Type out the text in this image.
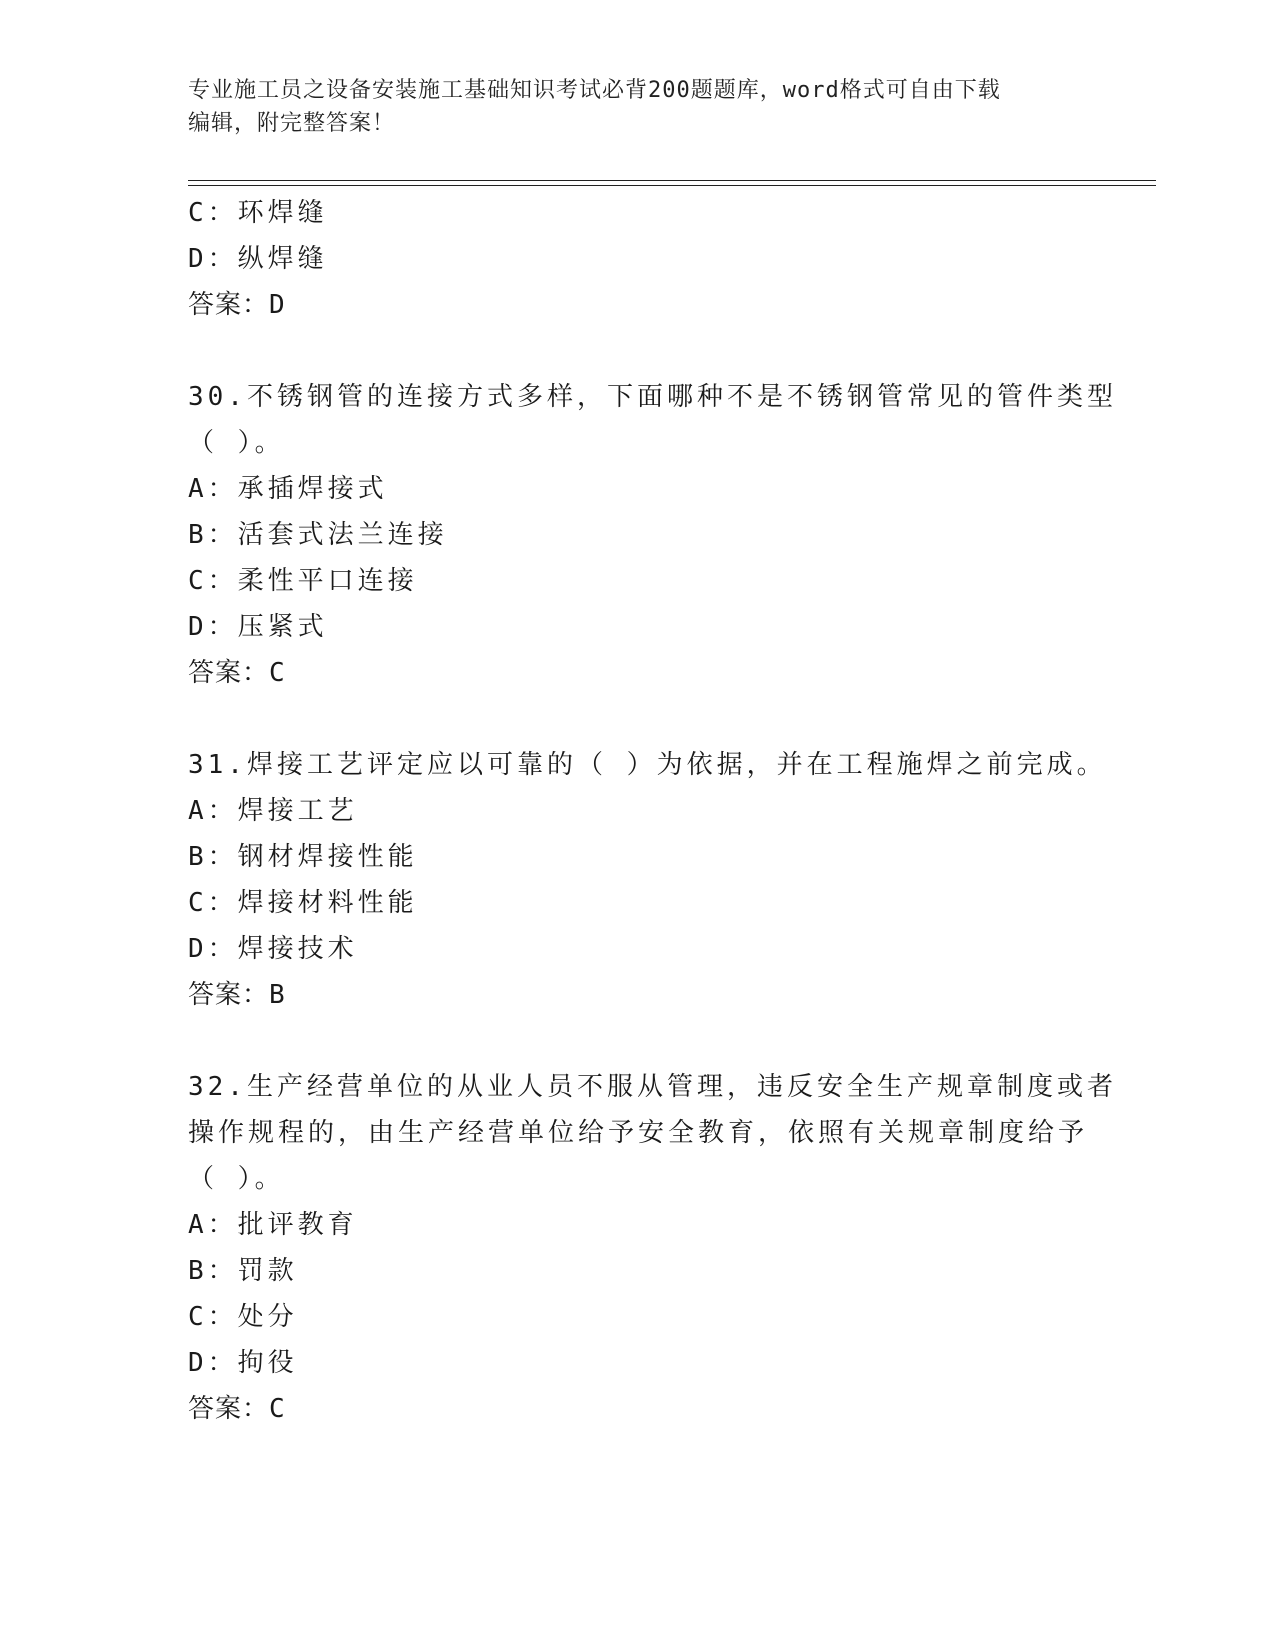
专业施工员之设备安装施工基础知识考试必背200题题库，word格式可自由下载
编辑，附完整答案！
C：环焊缝
D：纵焊缝
答案：D
30.不锈钢管的连接方式多样，下面哪种不是不锈钢管常见的管件类型
（ ）。
A：承插焊接式
B：活套式法兰连接
C：柔性平口连接
D：压紧式
答案：C
31.焊接工艺评定应以可靠的（ ）为依据，并在工程施焊之前完成。
A：焊接工艺
B：钢材焊接性能
C：焊接材料性能
D：焊接技术
答案：B
32.生产经营单位的从业人员不服从管理，违反安全生产规章制度或者
操作规程的，由生产经营单位给予安全教育，依照有关规章制度给予
（ ）。
A：批评教育
B：罚款
C：处分
D：拘役
答案：C
